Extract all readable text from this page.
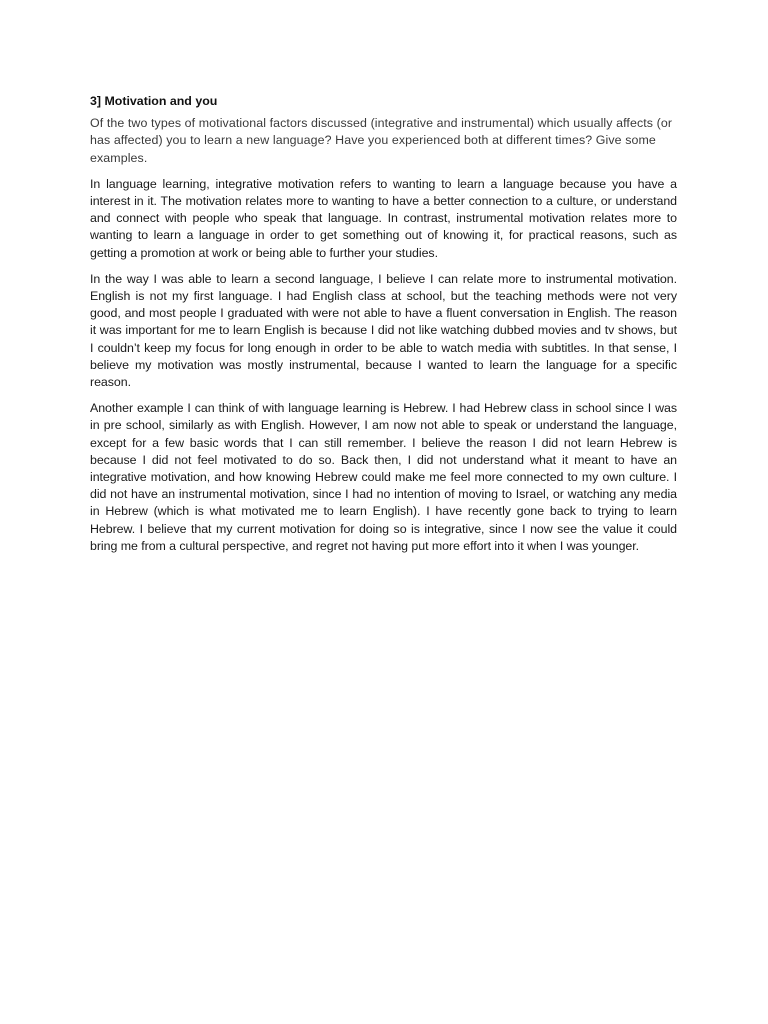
3] Motivation and you

Of the two types of motivational factors discussed (integrative and instrumental) which usually affects (or has affected) you to learn a new language? Have you experienced both at different times? Give some examples.

In language learning, integrative motivation refers to wanting to learn a language because you have a interest in it. The motivation relates more to wanting to have a better connection to a culture, or understand and connect with people who speak that language. In contrast, instrumental motivation relates more to wanting to learn a language in order to get something out of knowing it, for practical reasons, such as getting a promotion at work or being able to further your studies.

In the way I was able to learn a second language, I believe I can relate more to instrumental motivation. English is not my first language. I had English class at school, but the teaching methods were not very good, and most people I graduated with were not able to have a fluent conversation in English. The reason it was important for me to learn English is because I did not like watching dubbed movies and tv shows, but I couldn’t keep my focus for long enough in order to be able to watch media with subtitles. In that sense, I believe my motivation was mostly instrumental, because I wanted to learn the language for a specific reason.

Another example I can think of with language learning is Hebrew. I had Hebrew class in school since I was in pre school, similarly as with English. However, I am now not able to speak or understand the language, except for a few basic words that I can still remember. I believe the reason I did not learn Hebrew is because I did not feel motivated to do so. Back then, I did not understand what it meant to have an integrative motivation, and how knowing Hebrew could make me feel more connected to my own culture. I did not have an instrumental motivation, since I had no intention of moving to Israel, or watching any media in Hebrew (which is what motivated me to learn English). I have recently gone back to trying to learn Hebrew. I believe that my current motivation for doing so is integrative, since I now see the value it could bring me from a cultural perspective, and regret not having put more effort into it when I was younger.
